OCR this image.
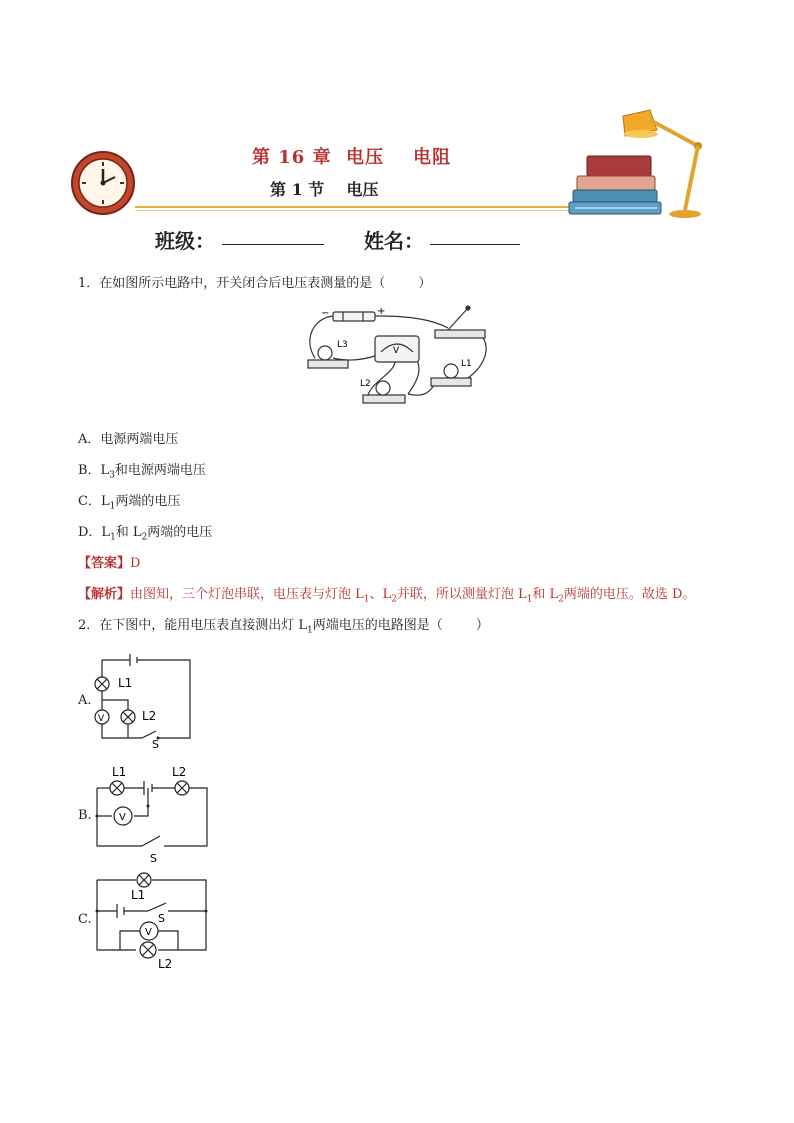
第 16 章  电压    电阻
第 1 节    电压
班级：	姓名：
1．在如图所示电路中，开关闭合后电压表测量的是（        ）
L3
L2
L1
V
−	+
A．电源两端电压
B．$L_3$和电源两端电压
C．$L_1$两端的电压
D．$L_1$和 $L_2$两端的电压
【答案】D
【解析】由图知，三个灯泡串联，电压表与灯泡 $L_1$、$L_2$并联，所以测量灯泡 $L_1$和 $L_2$两端的电压。故选 D。
2．在下图中，能用电压表直接测出灯 $L_1$两端电压的电路图是（        ）
A.
V
L1
L2
S
B.	V
L1	L2
S
C.
V
L1
L2
S
